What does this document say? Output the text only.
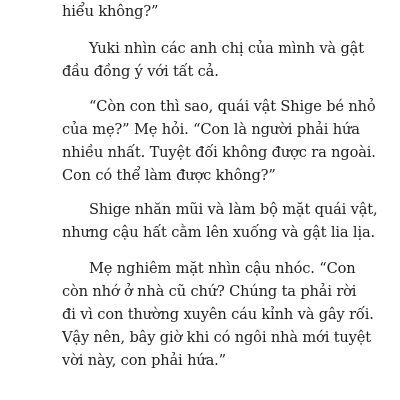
hiểu không?”
Yuki nhìn các anh chị của mình và gật
đầu đồng ý với tất cả.
“Còn con thì sao, quái vật Shige bé nhỏ
của mẹ?” Mẹ hỏi. “Con là người phải hứa
nhiều nhất. Tuyệt đối không được ra ngoài.
Con có thể làm được không?”
Shige nhăn mũi và làm bộ mặt quái vật,
nhưng cậu hất cằm lên xuống và gật lia lịa.
Mẹ nghiêm mặt nhìn cậu nhóc. “Con
còn nhớ ở nhà cũ chứ? Chúng ta phải rời
đi vì con thường xuyên cáu kỉnh và gây rối.
Vậy nên, bây giờ khi có ngôi nhà mới tuyệt
vời này, con phải hứa.”
